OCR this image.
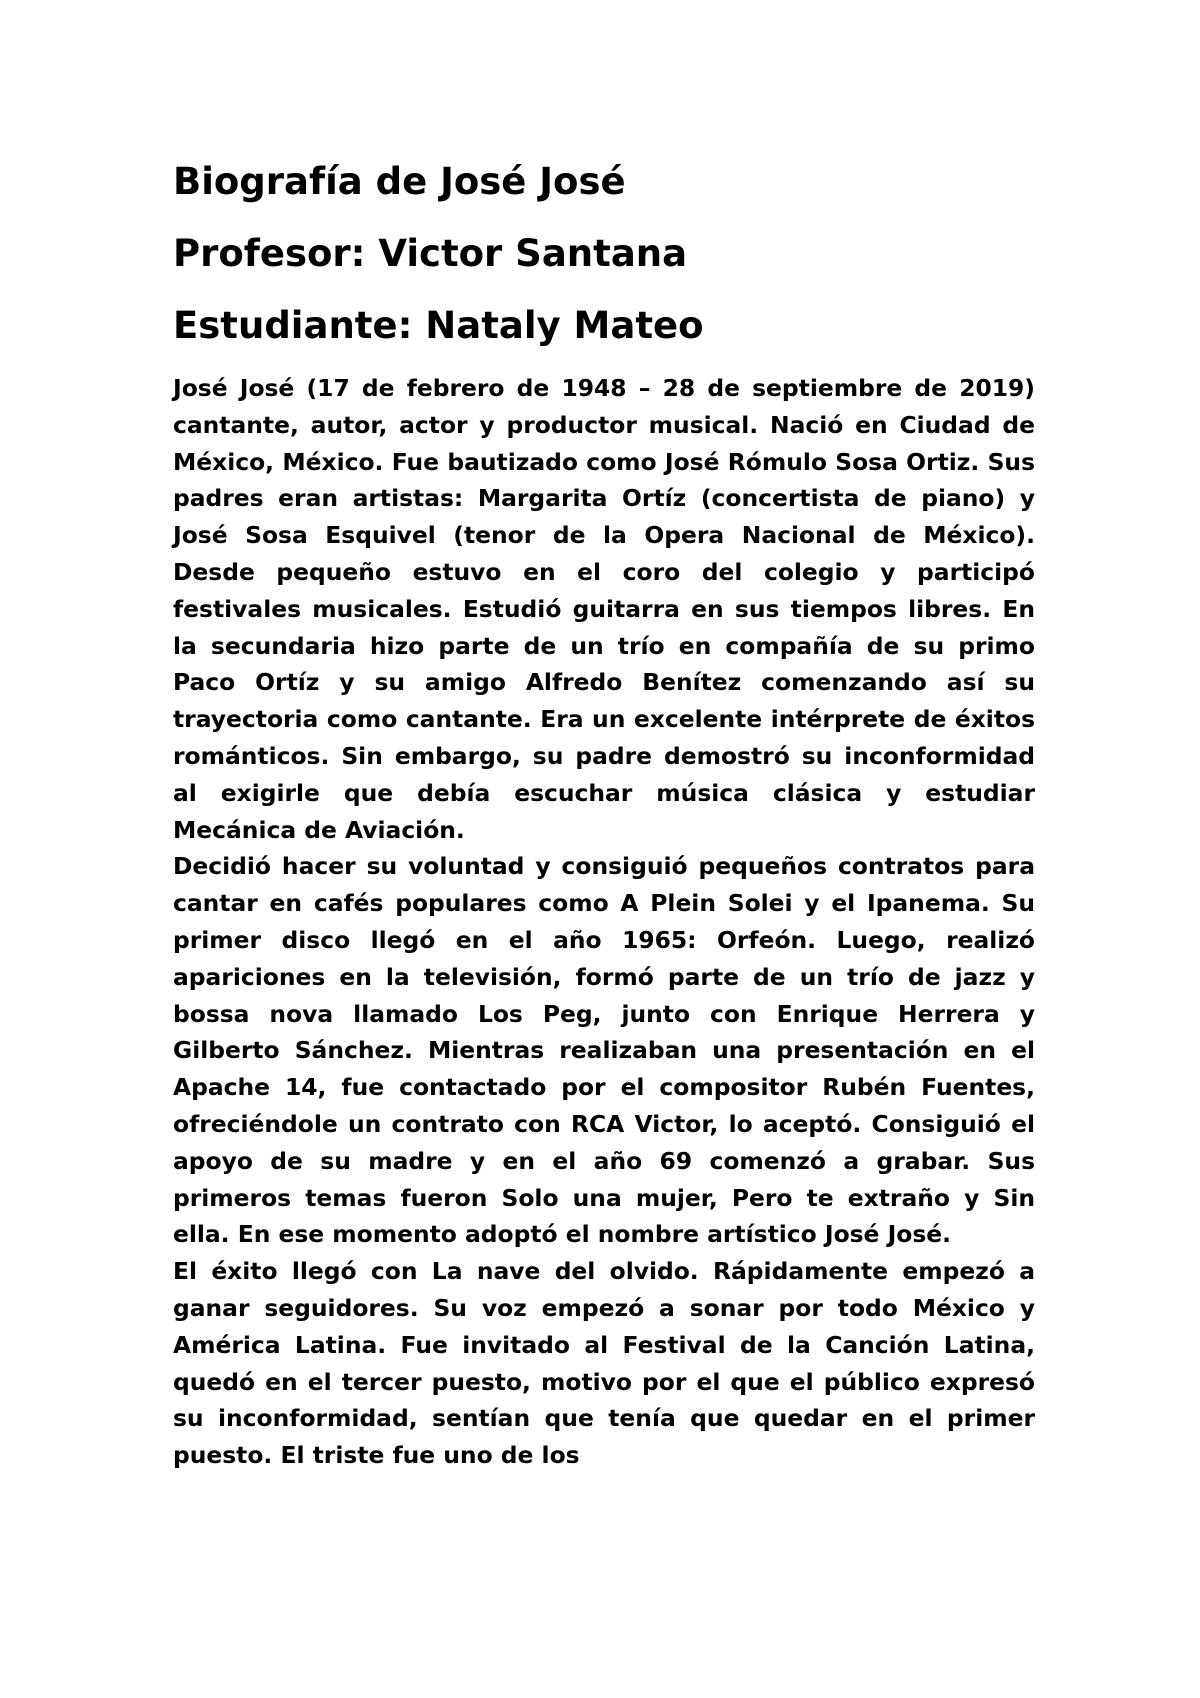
Biografía de José José
Profesor: Victor Santana
Estudiante: Nataly Mateo

José José (17 de febrero de 1948 – 28 de septiembre de 2019) cantante, autor, actor y productor musical. Nació en Ciudad de México, México. Fue bautizado como José Rómulo Sosa Ortiz. Sus padres eran artistas: Margarita Ortíz (concertista de piano) y José Sosa Esquivel (tenor de la Opera Nacional de México). Desde pequeño estuvo en el coro del colegio y participó festivales musicales. Estudió guitarra en sus tiempos libres. En la secundaria hizo parte de un trío en compañía de su primo Paco Ortíz y su amigo Alfredo Benítez comenzando así su trayectoria como cantante. Era un excelente intérprete de éxitos románticos. Sin embargo, su padre demostró su inconformidad al exigirle que debía escuchar música clásica y estudiar Mecánica de Aviación.

Decidió hacer su voluntad y consiguió pequeños contratos para cantar en cafés populares como A Plein Solei y el Ipanema. Su primer disco llegó en el año 1965: Orfeón. Luego, realizó apariciones en la televisión, formó parte de un trío de jazz y bossa nova llamado Los Peg, junto con Enrique Herrera y Gilberto Sánchez. Mientras realizaban una presentación en el Apache 14, fue contactado por el compositor Rubén Fuentes, ofreciéndole un contrato con RCA Victor, lo aceptó. Consiguió el apoyo de su madre y en el año 69 comenzó a grabar. Sus primeros temas fueron Solo una mujer, Pero te extraño y Sin ella. En ese momento adoptó el nombre artístico José José.

El éxito llegó con La nave del olvido. Rápidamente empezó a ganar seguidores. Su voz empezó a sonar por todo México y América Latina. Fue invitado al Festival de la Canción Latina, quedó en el tercer puesto, motivo por el que el público expresó su inconformidad, sentían que tenía que quedar en el primer puesto. El triste fue uno de los
